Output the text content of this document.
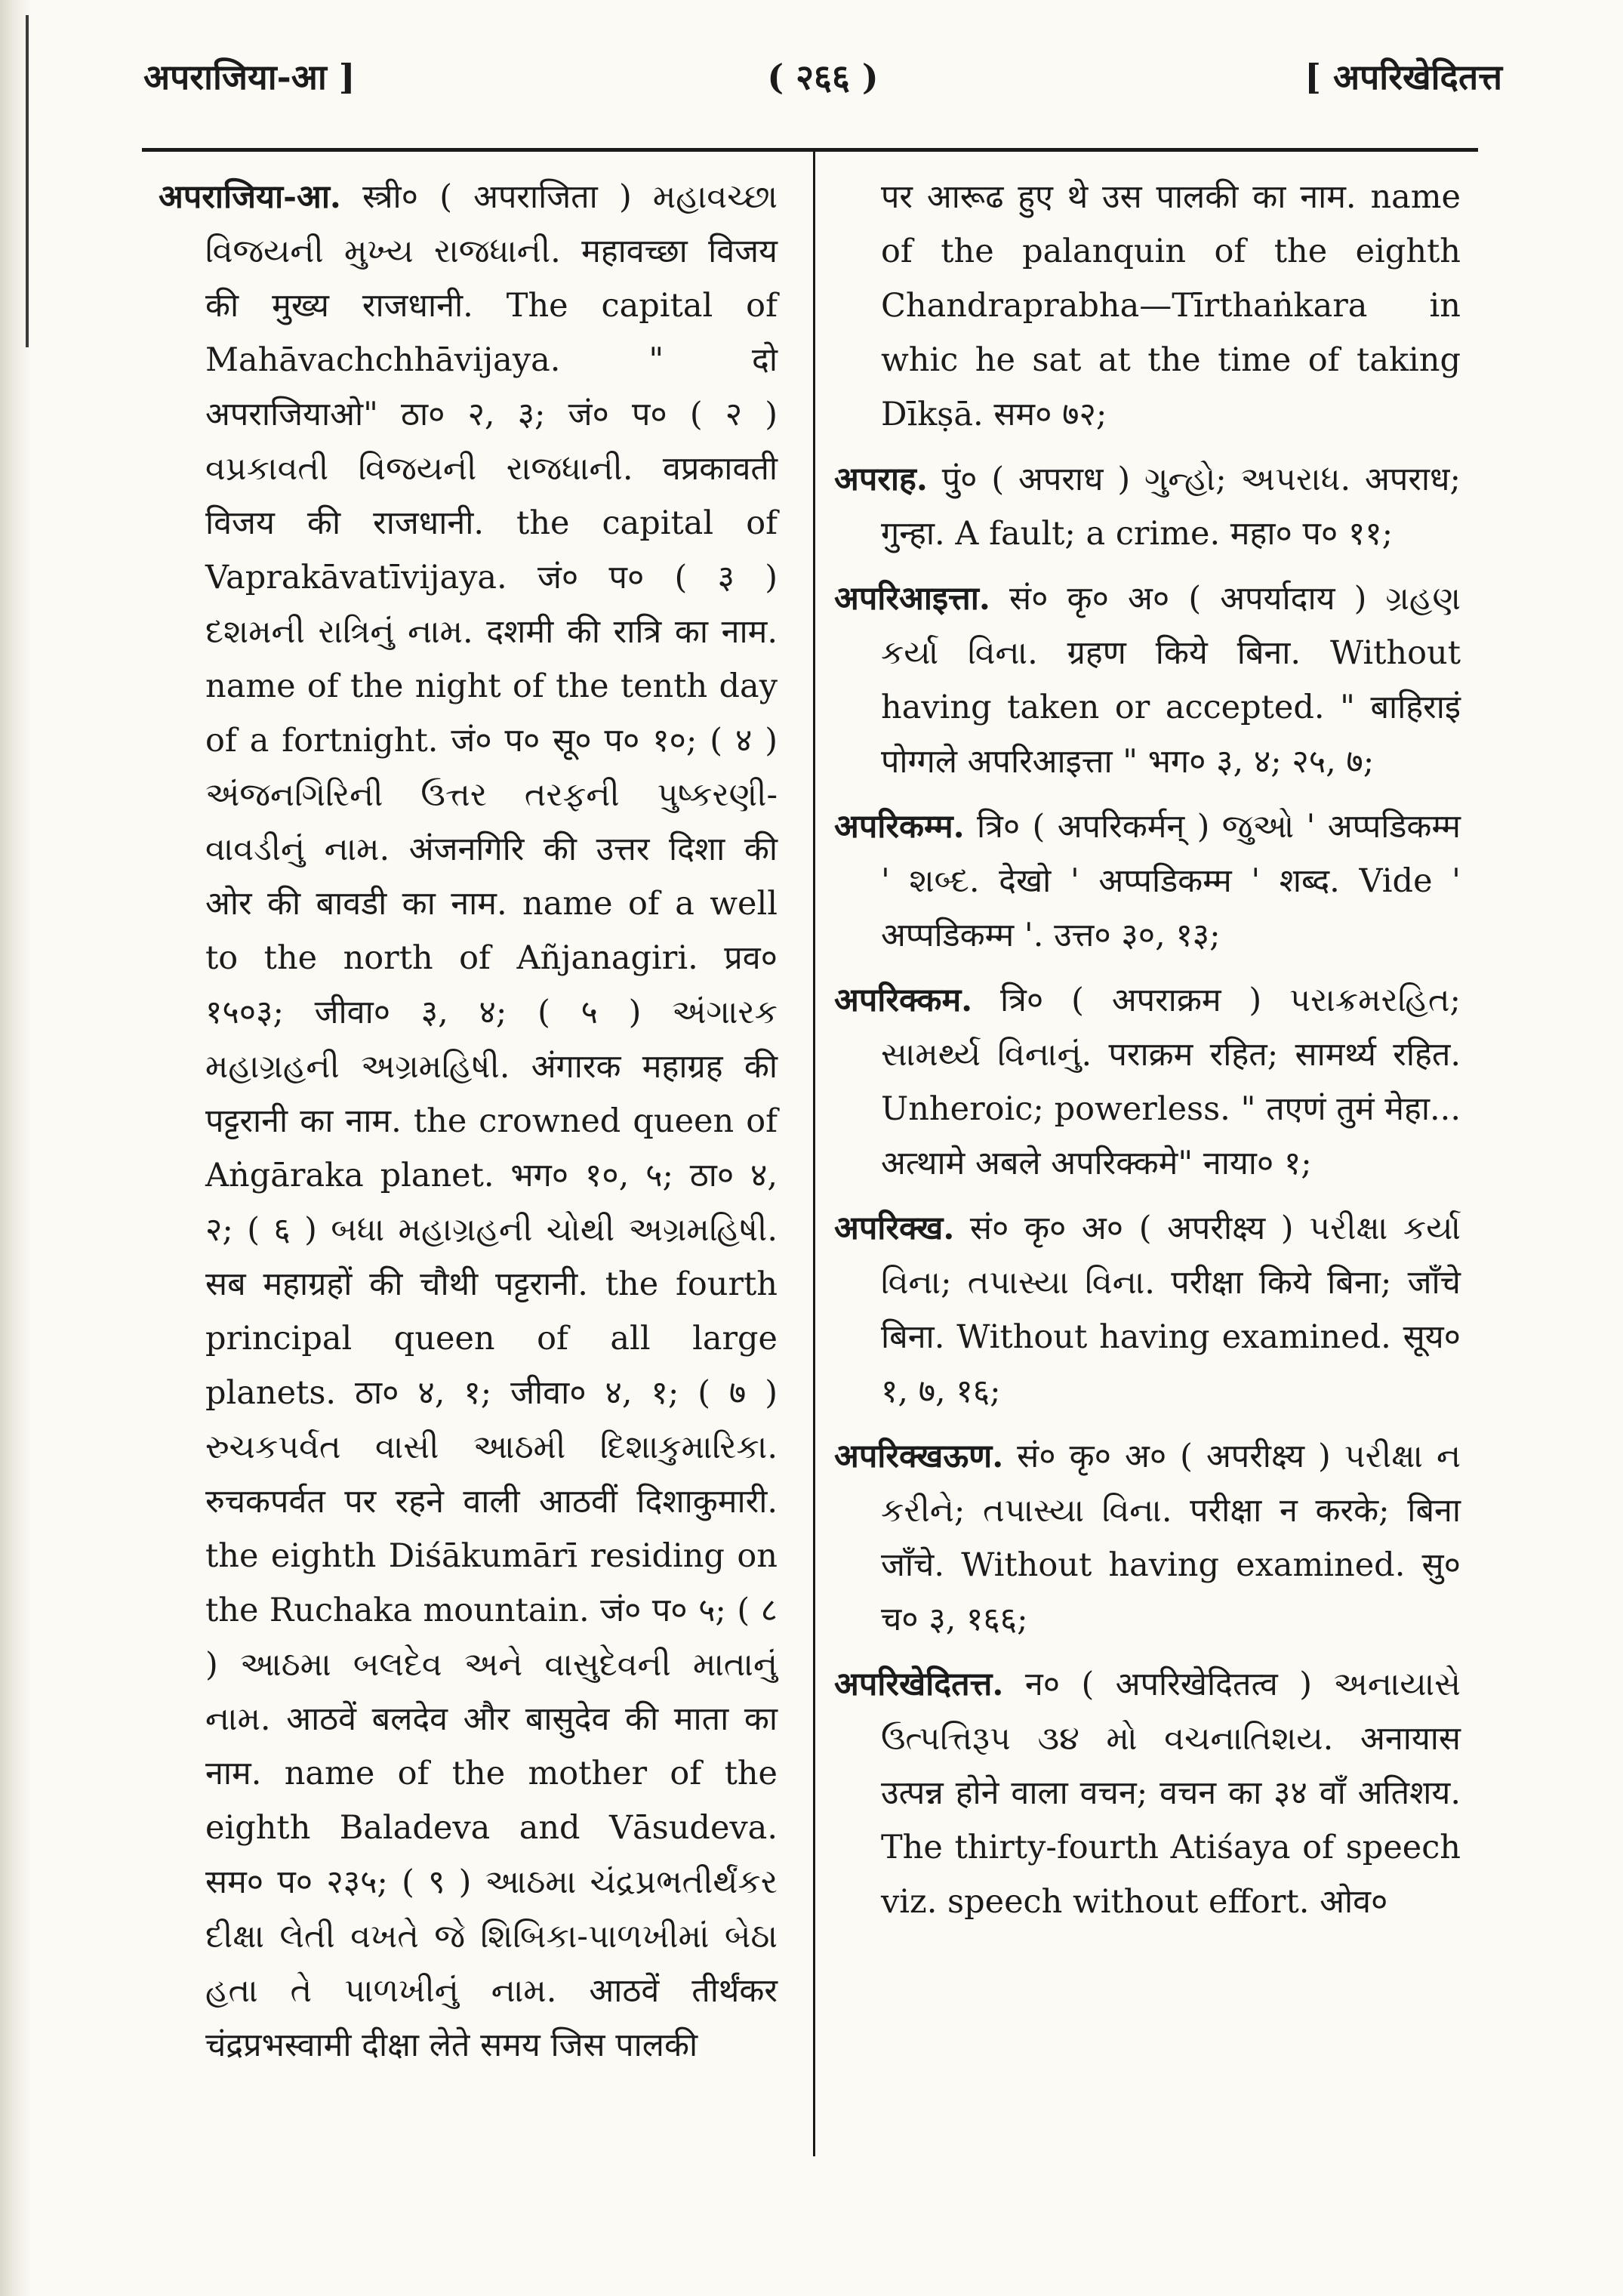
अपराजिया-आ ]	( २६६ )	[ अपरिखेदितत्त

अपराजिया-आ. स्त्री० ( अपराजिता ) મહાવચ્છા વિજયની મુખ્ય રાજધાની. महावच्छा विजय की मुख्य राजधानी. The capital of Mahāvachchhāvijaya. " दो अपराजियाओ" ठा० २, ३; जं० प० ( २ ) વપ્રકાવતી વિજયની રાજધાની. वप्रकावती विजय की राजधानी. the capital of Vaprakāvatīvijaya. जं० प० ( ३ ) દશમની રાત્રિનું નામ. दशमी की रात्रि का नाम. name of the night of the tenth day of a fortnight. जं० प० सू० प० १०; ( ४ ) અંજનગિરિની ઉત્તર તરફની પુષ્કરણી-વાવડીનું નામ. अंजनगिरि की उत्तर दिशा की ओर की बावडी का नाम. name of a well to the north of Añjanagiri. प्रव० १५०३; जीवा० ३, ४; ( ५ ) અંગારક મહાગ્રહની અગ્રમહિષી. अंगारक महाग्रह की पट्टरानी का नाम. the crowned queen of Aṅgāraka planet. भग० १०, ५; ठा० ४, २; ( ६ ) બધા મહાગ્રહની ચોથી અગ્રમહિષી. सब महाग्रहों की चौथी पट्टरानी. the fourth principal queen of all large planets. ठा० ४, १; जीवा० ४, १; ( ७ ) રુચકપર્વત વાસી આઠમી દિશાકુમારિકા. रुचकपर्वत पर रहने वाली आठवीं दिशाकुमारी. the eighth Diśākumārī residing on the Ruchaka mountain. जं० प० ५; ( ८ ) આઠમા બલદેવ અને વાસુદેવની માતાનું નામ. आठवें बलदेव और बासुदेव की माता का नाम. name of the mother of the eighth Baladeva and Vāsudeva. सम० प० २३५; ( ९ ) આઠમા ચંદ્રપ્રભતીર્થંકર દીક્ષા લેતી વખતે જે શિબિકા-પાળખીમાં બેઠા હતા તે પાળખીનું નામ. आठवें तीर्थंकर चंद्रप्रभस्वामी दीक्षा लेते समय जिस पालकी

पर आरूढ हुए थे उस पालकी का नाम. name of the palanquin of the eighth Chandraprabha—Tīrthaṅkara in whic he sat at the time of taking Dīkṣā. सम० ७२;

अपराह. पुं० ( अपराध ) ગુન્હો; અપરાધ. अपराध; गुन्हा. A fault; a crime. महा० प० ११;

अपरिआइत्ता. सं० कृ० अ० ( अपर्यादाय ) ગ્રહણ કર્યા વિના. ग्रहण किये बिना. Without having taken or accepted. " बाहिराइं पोग्गले अपरिआइत्ता " भग० ३, ४; २५, ७;

अपरिकम्म. त्रि० ( अपरिकर्मन् ) જુઓ ' अप्पडिकम्म ' શબ્દ. देखो ' अप्पडिकम्म ' शब्द. Vide ' अप्पडिकम्म '. उत्त० ३०, १३;

अपरिक्कम. त्रि० ( अपराक्रम ) પરાક્રમરહિત; સામર્થ્ય વિનાનું. पराक्रम रहित; सामर्थ्य रहित. Unheroic; powerless. " तएणं तुमं मेहा... अत्थामे अबले अपरिक्कमे" नाया० १;

अपरिक्ख. सं० कृ० अ० ( अपरीक्ष्य ) પરીક્ષા કર્યા વિના; તપાસ્યા વિના. परीक्षा किये बिना; जाँचे बिना. Without having examined. सूय० १, ७, १६;

अपरिक्खऊण. सं० कृ० अ० ( अपरीक्ष्य ) પરીક્ષા ન કરીને; તપાસ્યા વિના. परीक्षा न करके; बिना जाँचे. Without having examined. सु० च० ३, १६६;

अपरिखेदितत्त. न० ( अपरिखेदितत्व ) અનાયાસે ઉત્પત્તિરૂપ ૩૪ મો વચનાતિશય. अनायास उत्पन्न होने वाला वचन; वचन का ३४ वाँ अतिशय. The thirty-fourth Atiśaya of speech viz. speech without effort. ओव०
